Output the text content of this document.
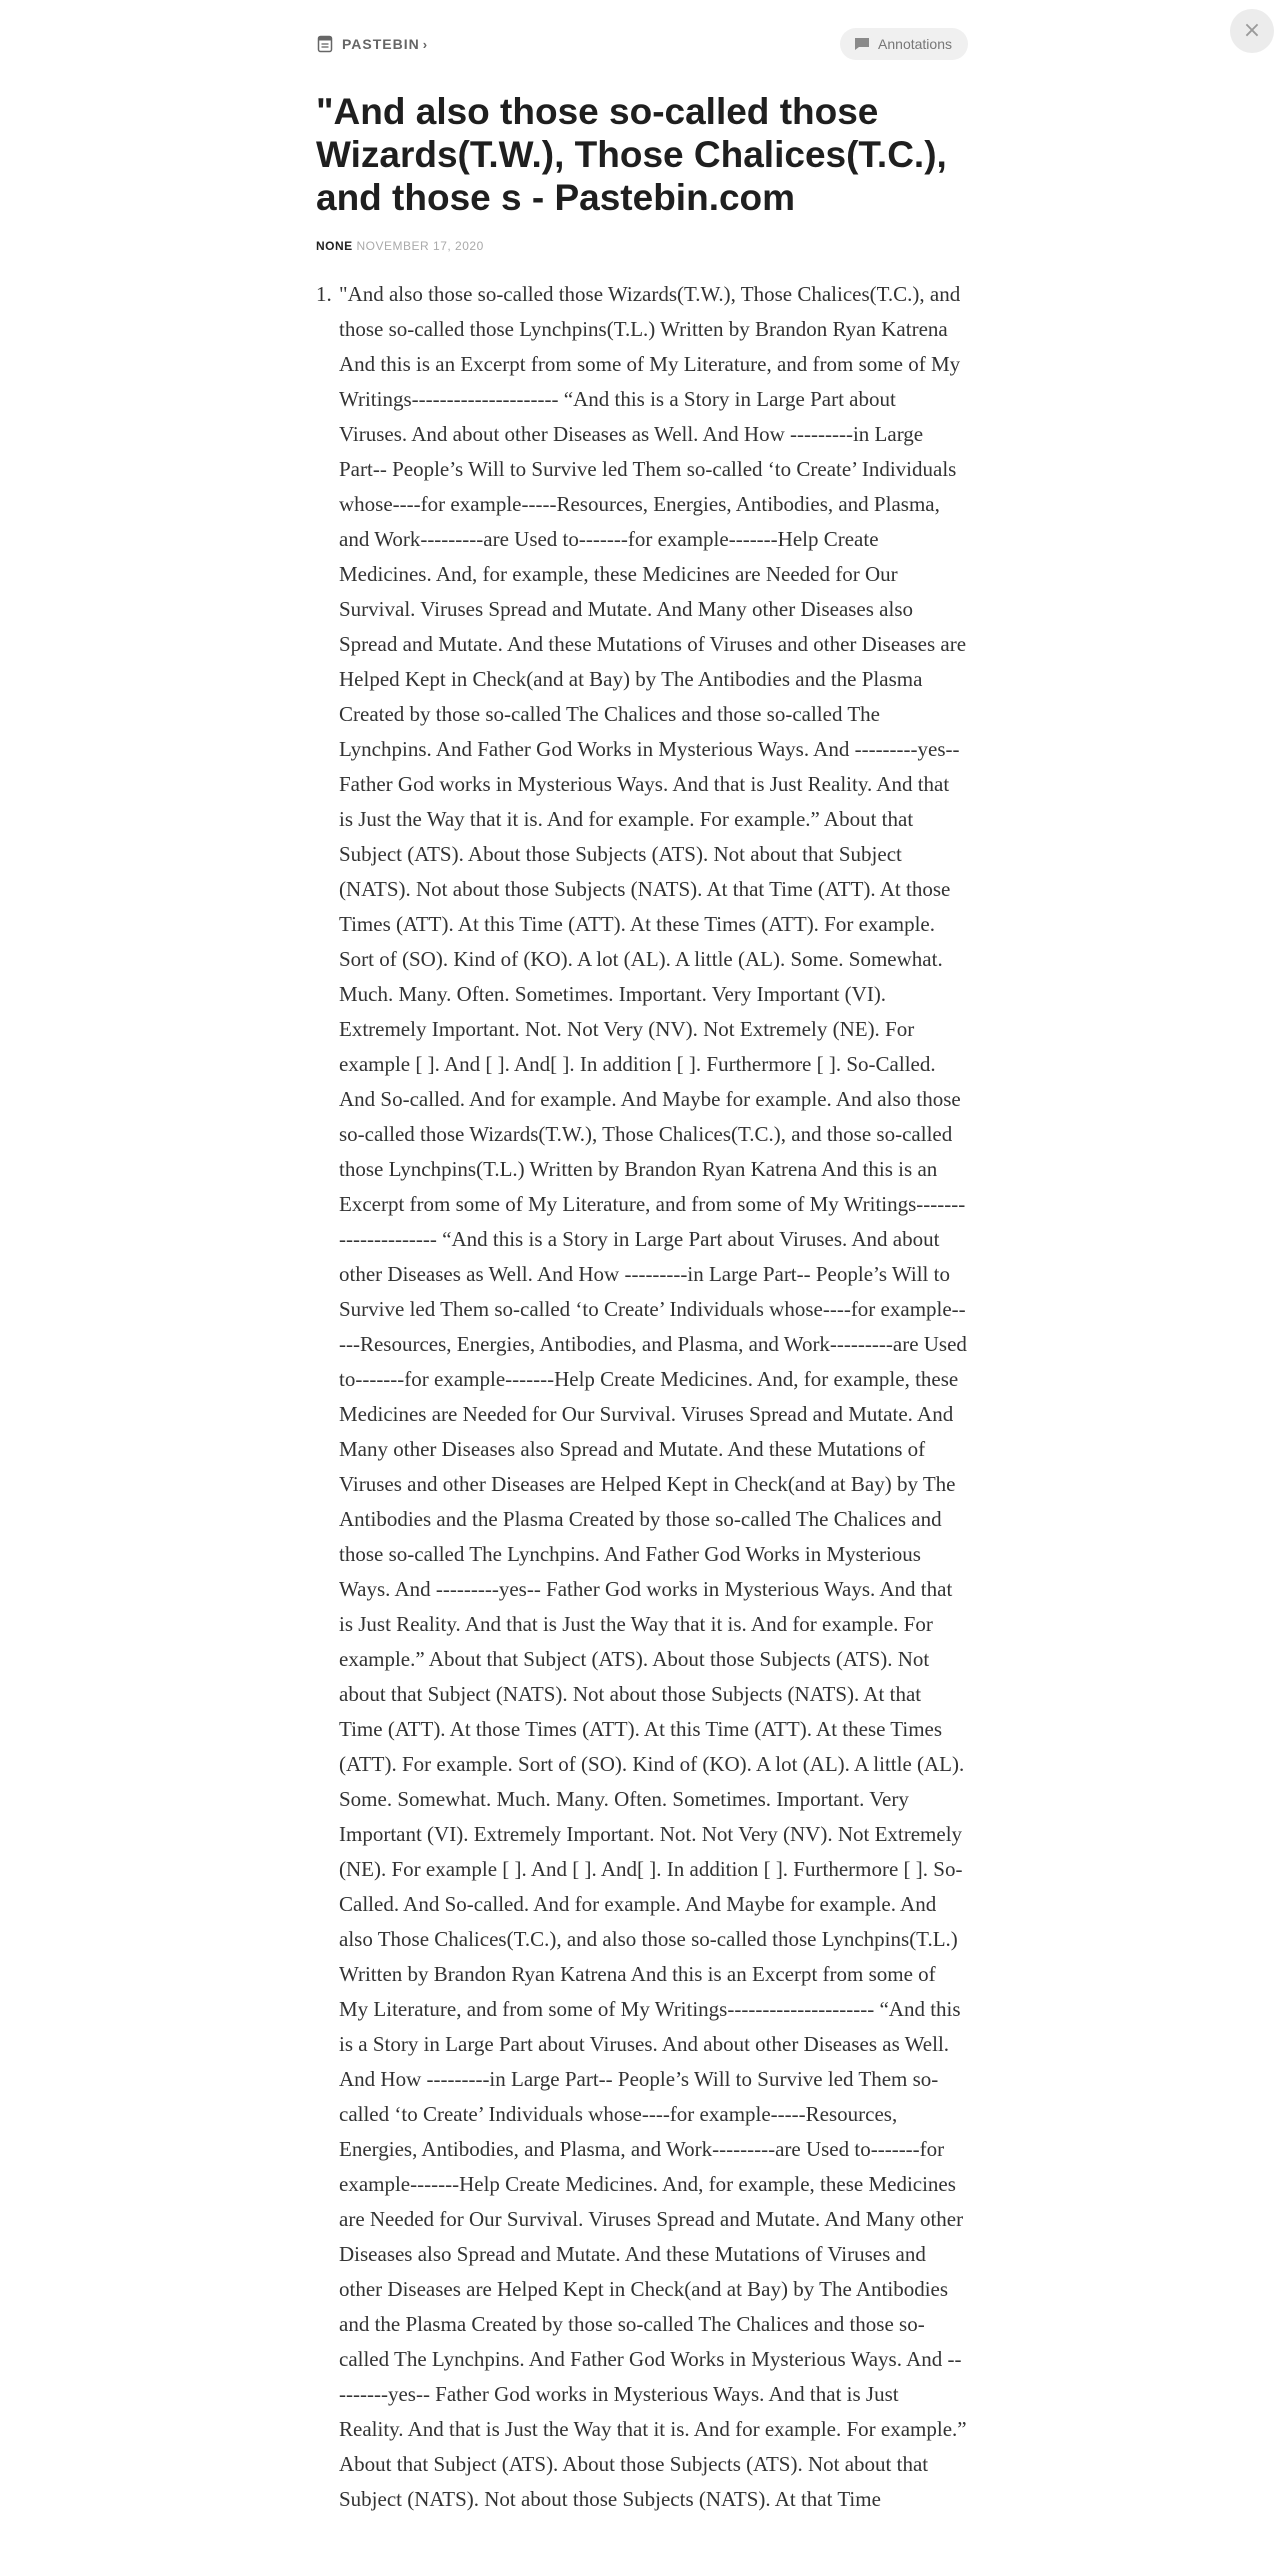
×
PASTEBIN ›	Annotations
"And also those so-called those Wizards(T.W.), Those Chalices(T.C.), and those s - Pastebin.com
NONE NOVEMBER 17, 2020
1. "And also those so-called those Wizards(T.W.), Those Chalices(T.C.), and those so-called those Lynchpins(T.L.) Written by Brandon Ryan Katrena And this is an Excerpt from some of My Literature, and from some of My Writings--------------------- “And this is a Story in Large Part about Viruses. And about other Diseases as Well. And How ---------in Large Part-- People’s Will to Survive led Them so-called ‘to Create’ Individuals whose----for example-----Resources, Energies, Antibodies, and Plasma, and Work---------are Used to-------for example-------Help Create Medicines. And, for example, these Medicines are Needed for Our Survival. Viruses Spread and Mutate. And Many other Diseases also Spread and Mutate. And these Mutations of Viruses and other Diseases are Helped Kept in Check(and at Bay) by The Antibodies and the Plasma Created by those so-called The Chalices and those so-called The Lynchpins. And Father God Works in Mysterious Ways. And ---------yes-- Father God works in Mysterious Ways. And that is Just Reality. And that is Just the Way that it is. And for example. For example.” About that Subject (ATS). About those Subjects (ATS). Not about that Subject (NATS). Not about those Subjects (NATS). At that Time (ATT). At those Times (ATT). At this Time (ATT). At these Times (ATT). For example. Sort of (SO). Kind of (KO). A lot (AL). A little (AL). Some. Somewhat. Much. Many. Often. Sometimes. Important. Very Important (VI). Extremely Important. Not. Not Very (NV). Not Extremely (NE). For example [ ]. And [ ]. And[ ]. In addition [ ]. Furthermore [ ]. So-Called. And So-called. And for example. And Maybe for example. And also those so-called those Wizards(T.W.), Those Chalices(T.C.), and those so-called those Lynchpins(T.L.) Written by Brandon Ryan Katrena And this is an Excerpt from some of My Literature, and from some of My Writings--------------------- “And this is a Story in Large Part about Viruses. And about other Diseases as Well. And How ---------in Large Part-- People’s Will to Survive led Them so-called ‘to Create’ Individuals whose----for example-----Resources, Energies, Antibodies, and Plasma, and Work---------are Used to-------for example-------Help Create Medicines. And, for example, these Medicines are Needed for Our Survival. Viruses Spread and Mutate. And Many other Diseases also Spread and Mutate. And these Mutations of Viruses and other Diseases are Helped Kept in Check(and at Bay) by The Antibodies and the Plasma Created by those so-called The Chalices and those so-called The Lynchpins. And Father God Works in Mysterious Ways. And ---------yes-- Father God works in Mysterious Ways. And that is Just Reality. And that is Just the Way that it is. And for example. For example.” About that Subject (ATS). About those Subjects (ATS). Not about that Subject (NATS). Not about those Subjects (NATS). At that Time (ATT). At those Times (ATT). At this Time (ATT). At these Times (ATT). For example. Sort of (SO). Kind of (KO). A lot (AL). A little (AL). Some. Somewhat. Much. Many. Often. Sometimes. Important. Very Important (VI). Extremely Important. Not. Not Very (NV). Not Extremely (NE). For example [ ]. And [ ]. And[ ]. In addition [ ]. Furthermore [ ]. So-Called. And So-called. And for example. And Maybe for example. And also Those Chalices(T.C.), and also those so-called those Lynchpins(T.L.) Written by Brandon Ryan Katrena And this is an Excerpt from some of My Literature, and from some of My Writings--------------------- “And this is a Story in Large Part about Viruses. And about other Diseases as Well. And How ---------in Large Part-- People’s Will to Survive led Them so-called ‘to Create’ Individuals whose----for example-----Resources, Energies, Antibodies, and Plasma, and Work---------are Used to-------for example-------Help Create Medicines. And, for example, these Medicines are Needed for Our Survival. Viruses Spread and Mutate. And Many other Diseases also Spread and Mutate. And these Mutations of Viruses and other Diseases are Helped Kept in Check(and at Bay) by The Antibodies and the Plasma Created by those so-called The Chalices and those so-called The Lynchpins. And Father God Works in Mysterious Ways. And ---------yes-- Father God works in Mysterious Ways. And that is Just Reality. And that is Just the Way that it is. And for example. For example.” About that Subject (ATS). About those Subjects (ATS). Not about that Subject (NATS). Not about those Subjects (NATS). At that Time
